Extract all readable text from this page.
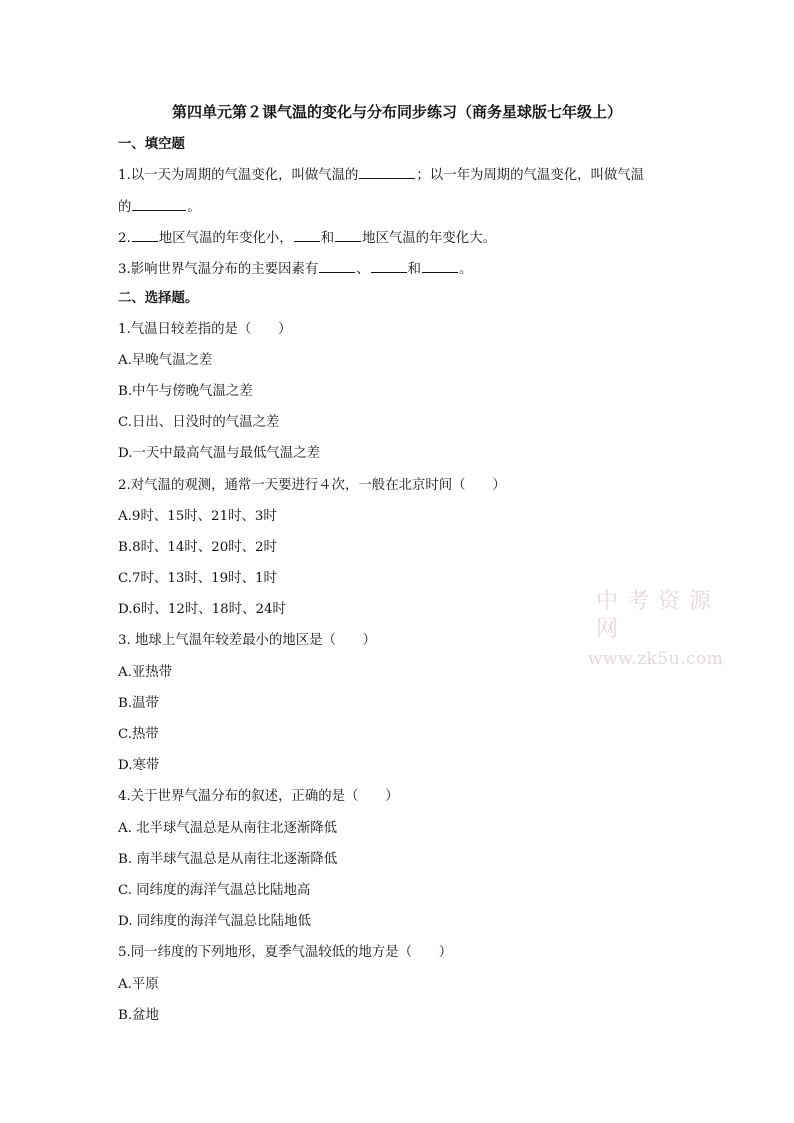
第四单元第２课气温的变化与分布同步练习（商务星球版七年级上）
一、填空题
1.以一天为周期的气温变化，叫做气温的	；以一年为周期的气温变化，叫做气温
的	。
2. 地区气温的年变化小， 和 地区气温的年变化大。
3.影响世界气温分布的主要因素有	、	和	。
二、选择题。
1.气温日较差指的是（　　）
A.早晚气温之差
B.中午与傍晚气温之差
C.日出、日没时的气温之差
D.一天中最高气温与最低气温之差
2.对气温的观测，通常一天要进行４次，一般在北京时间（　　）
A.9时、15时、21时、3时
B.8时、14时、20时、2时
C.7时、13时、19时、1时
D.6时、12时、18时、24时
3. 地球上气温年较差最小的地区是（　　）
A.亚热带
B.温带
C.热带
D.寒带
4.关于世界气温分布的叙述，正确的是（　　）
A. 北半球气温总是从南往北逐渐降低
B. 南半球气温总是从南往北逐渐降低
C. 同纬度的海洋气温总比陆地高
D. 同纬度的海洋气温总比陆地低
5.同一纬度的下列地形，夏季气温较低的地方是（　　）
A.平原
B.盆地
中考资源网
www.zk5u.com
